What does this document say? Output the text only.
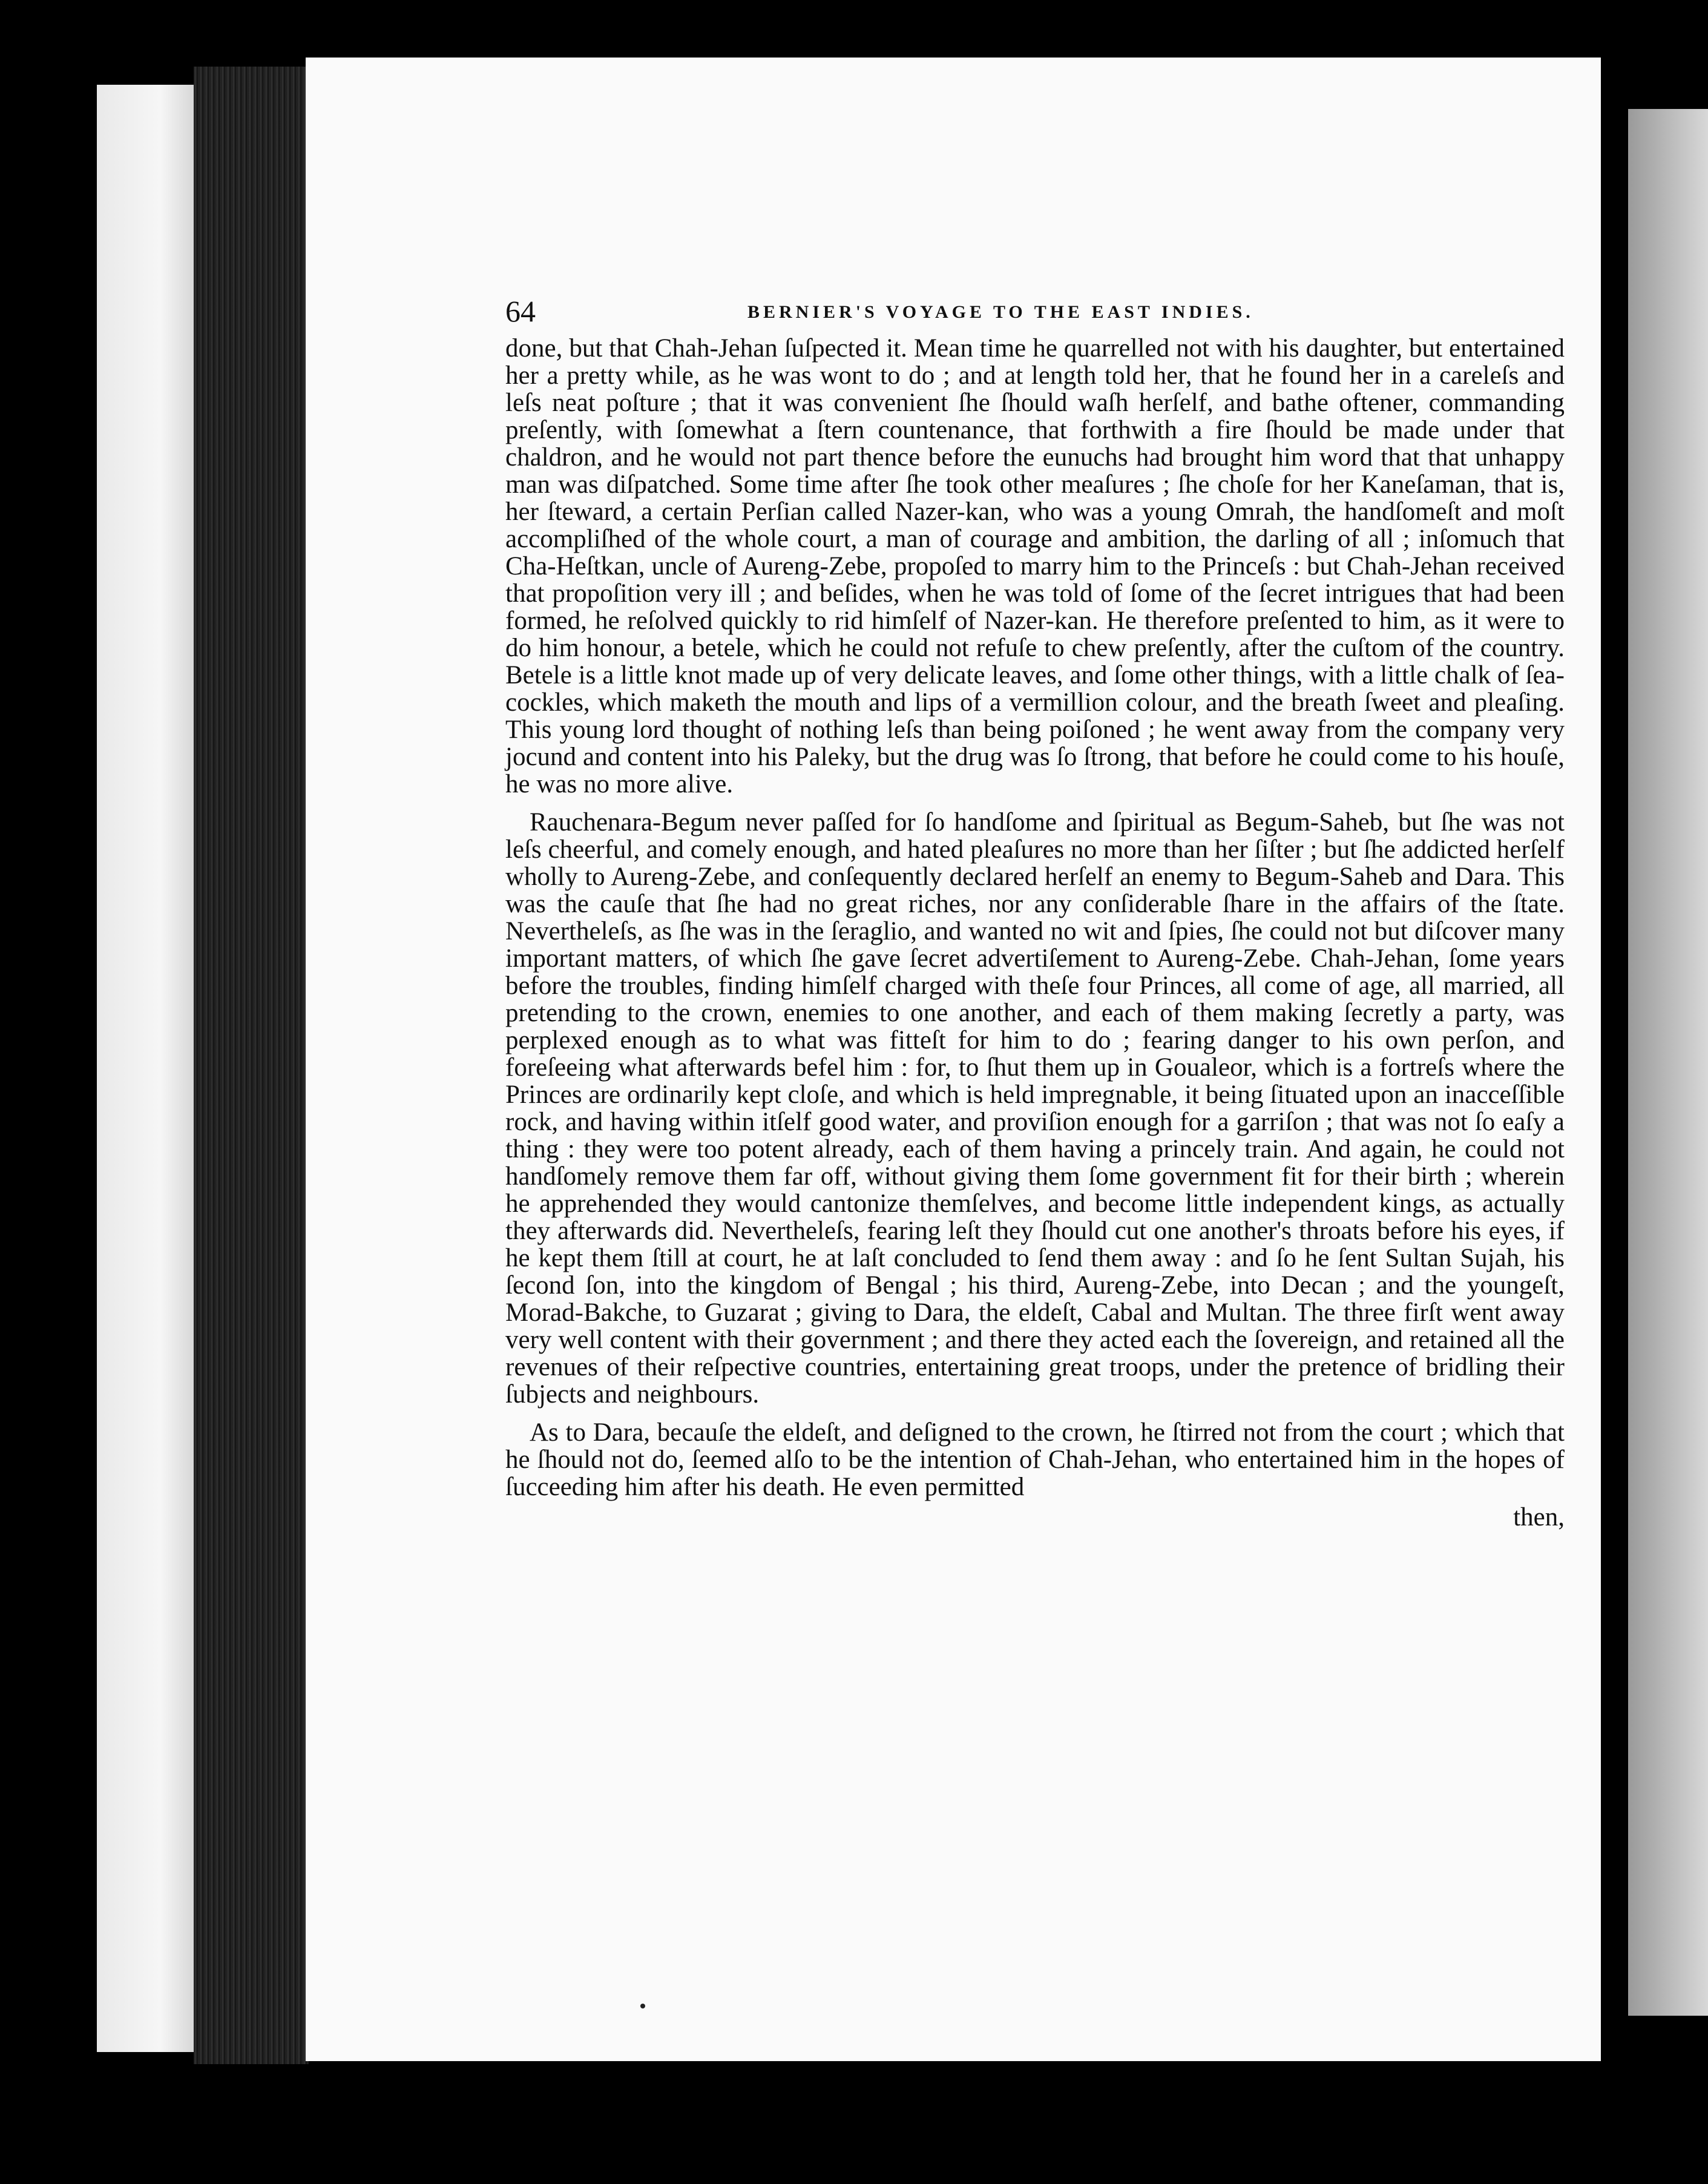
64	BERNIER'S VOYAGE TO THE EAST INDIES.

done, but that Chah-Jehan ſuſpected it. Mean time he quarrelled not with his daughter, but entertained her a pretty while, as he was wont to do ; and at length told her, that he found her in a careleſs and leſs neat poſture ; that it was convenient ſhe ſhould waſh herſelf, and bathe oftener, commanding preſently, with ſomewhat a ſtern countenance, that forthwith a fire ſhould be made under that chaldron, and he would not part thence before the eunuchs had brought him word that that unhappy man was diſpatched. Some time after ſhe took other meaſures ; ſhe choſe for her Kaneſaman, that is, her ſteward, a certain Perſian called Nazer-kan, who was a young Omrah, the handſomeſt and moſt accompliſhed of the whole court, a man of courage and ambition, the darling of all ; inſomuch that Cha-Heſtkan, uncle of Aureng-Zebe, propoſed to marry him to the Princeſs : but Chah-Jehan received that propoſition very ill ; and beſides, when he was told of ſome of the ſecret intrigues that had been formed, he reſolved quickly to rid himſelf of Nazer-kan. He therefore preſented to him, as it were to do him honour, a betele, which he could not refuſe to chew preſently, after the cuſtom of the country. Betele is a little knot made up of very delicate leaves, and ſome other things, with a little chalk of ſea-cockles, which maketh the mouth and lips of a vermillion colour, and the breath ſweet and pleaſing. This young lord thought of nothing leſs than being poiſoned ; he went away from the company very jocund and content into his Paleky, but the drug was ſo ſtrong, that before he could come to his houſe, he was no more alive.

Rauchenara-Begum never paſſed for ſo handſome and ſpiritual as Begum-Saheb, but ſhe was not leſs cheerful, and comely enough, and hated pleaſures no more than her ſiſter ; but ſhe addicted herſelf wholly to Aureng-Zebe, and conſequently declared herſelf an enemy to Begum-Saheb and Dara. This was the cauſe that ſhe had no great riches, nor any conſiderable ſhare in the affairs of the ſtate. Neverthelеſs, as ſhe was in the ſeraglio, and wanted no wit and ſpies, ſhe could not but diſcover many important matters, of which ſhe gave ſecret advertiſement to Aureng-Zebe. Chah-Jehan, ſome years before the troubles, finding himſelf charged with theſe four Princes, all come of age, all married, all pretending to the crown, enemies to one another, and each of them making ſecretly a party, was perplexed enough as to what was fitteſt for him to do ; fearing danger to his own perſon, and foreſeeing what afterwards befel him : for, to ſhut them up in Goualeor, which is a fortreſs where the Princes are ordinarily kept cloſe, and which is held impregnable, it being ſituated upon an inacceſſible rock, and having within itſelf good water, and proviſion enough for a garriſon ; that was not ſo eaſy a thing : they were too potent already, each of them having a princely train. And again, he could not handſomely remove them far off, without giving them ſome government fit for their birth ; wherein he apprehended they would cantonize themſelves, and become little independent kings, as actually they afterwards did. Neverthelеſs, fearing leſt they ſhould cut one another's throats before his eyes, if he kept them ſtill at court, he at laſt concluded to ſend them away : and ſo he ſent Sultan Sujah, his ſecond ſon, into the kingdom of Bengal ; his third, Aureng-Zebe, into Decan ; and the youngeſt, Morad-Bakche, to Guzarat ; giving to Dara, the eldeſt, Cabal and Multan. The three firſt went away very well content with their government ; and there they acted each the ſovereign, and retained all the revenues of their reſpective countries, entertaining great troops, under the pretence of bridling their ſubjects and neighbours.

As to Dara, becauſe the eldeſt, and deſigned to the crown, he ſtirred not from the court ; which that he ſhould not do, ſeemed alſo to be the intention of Chah-Jehan, who entertained him in the hopes of ſucceeding him after his death. He even permitted

then,
